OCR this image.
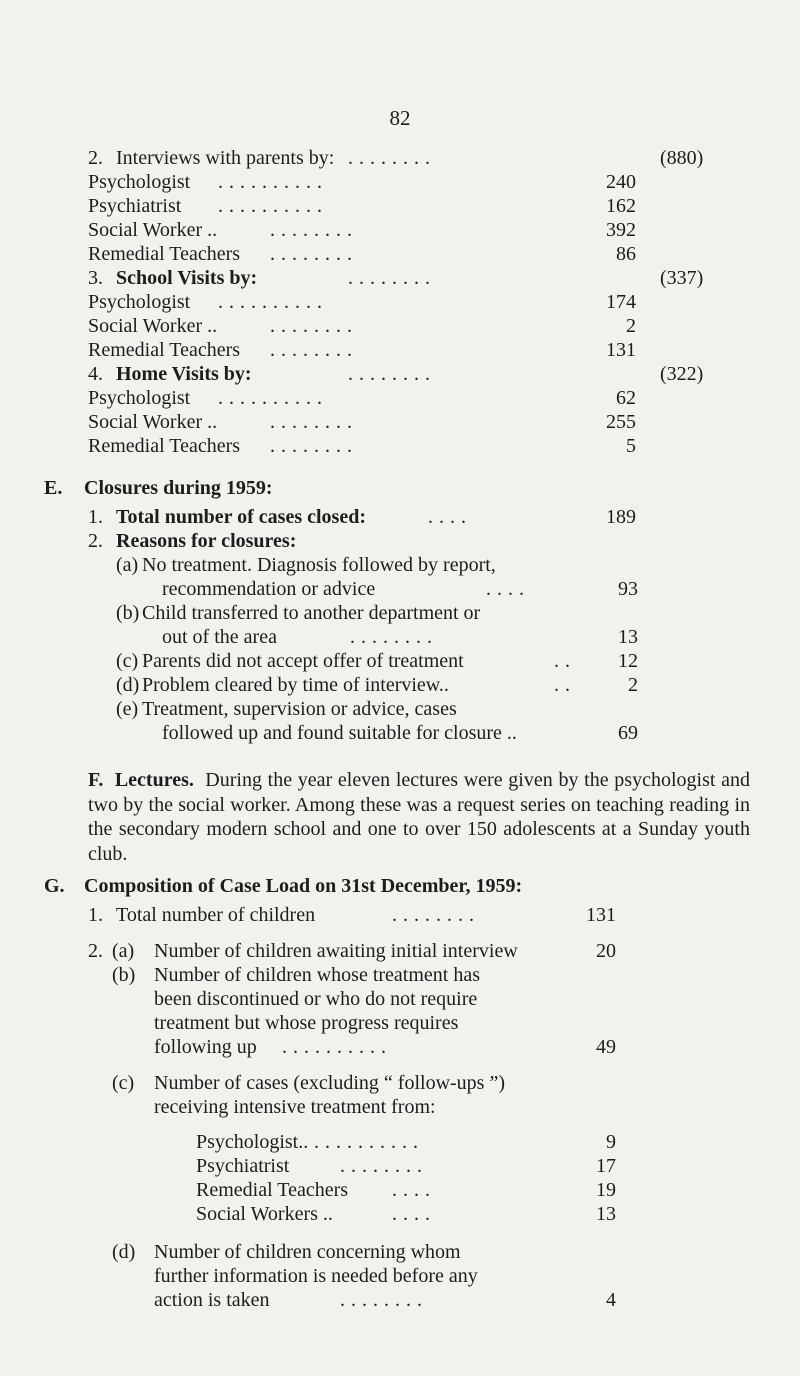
82
2. Interviews with parents by: . . . . . . . .	(880)
Psychologist . . . . . . . . . .	240
Psychiatrist . . . . . . . . . .	162
Social Worker ..	. . . . . . . .	392
Remedial Teachers . . . . . . . .	86
3. School Visits by:	. . . . . . . .	(337)
Psychologist . . . . . . . . . .	174
Social Worker ..	. . . . . . . .	2
Remedial Teachers . . . . . . . .	131
4. Home Visits by:	. . . . . . . .	(322)
Psychologist . . . . . . . . . .	62
Social Worker ..	. . . . . . . .	255
Remedial Teachers . . . . . . . .	5
E. Closures during 1959:
1. Total number of cases closed:	. . . .	189
2. Reasons for closures:
(a) No treatment. Diagnosis followed by report,
recommendation or advice	. . . .	93
(b) Child transferred to another department or
out of the area	. . . . . . . .	13
(c) Parents did not accept offer of treatment	. . 12
(d) Problem cleared by time of interview..	. .	2
(e) Treatment, supervision or advice, cases
followed up and found suitable for closure ..	69
F. Lectures. During the year eleven lectures were given by the psychologist and two by the social worker. Among these was a request series on teaching reading in the secondary modern school and one to over 150 adolescents at a Sunday youth club.
G. Composition of Case Load on 31st December, 1959:
1. Total number of children	. . . . . . . .	131
2. (a) Number of children awaiting initial interview	20
(b) Number of children whose treatment has
been discontinued or who do not require
treatment but whose progress requires
following up . . . . . . . . . .	49
(c) Number of cases (excluding “ follow-ups ”)
receiving intensive treatment from:
Psychologist.. . . . . . . . . . .	9
Psychiatrist	. . . . . . . .	17
Remedial Teachers . . . .	19
Social Workers ..	. . . .	13
(d) Number of children concerning whom
further information is needed before any
action is taken	. . . . . . . .	4
